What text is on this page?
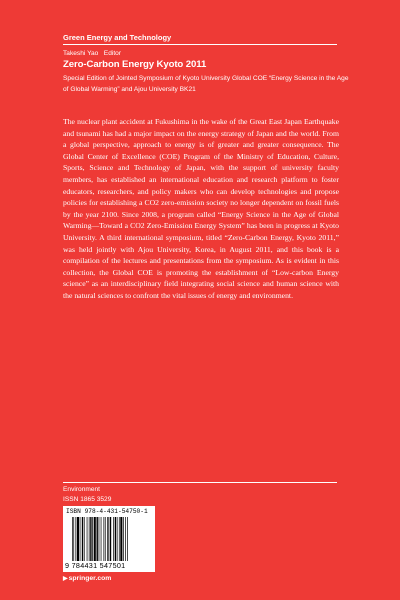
Green Energy and Technology
Takeshi Yao   Editor
Zero-Carbon Energy Kyoto 2011
Special Edition of Jointed Symposium of Kyoto University Global COE “Energy Science in the Age of Global Warming” and Ajou University BK21
The nuclear plant accident at Fukushima in the wake of the Great East Japan Earthquake and tsunami has had a major impact on the energy strategy of Japan and the world. From a global perspective, approach to energy is of greater and greater consequence. The Global Center of Excellence (COE) Program of the Ministry of Education, Culture, Sports, Science and Technology of Japan, with the support of university faculty members, has established an international education and research platform to foster educators, researchers, and policy makers who can develop technologies and propose policies for establishing a CO2 zero-emission society no longer dependent on fossil fuels by the year 2100. Since 2008, a program called “Energy Science in the Age of Global Warming—Toward a CO2 Zero-Emission Energy System” has been in progress at Kyoto University. A third international symposium, titled “Zero-Carbon Energy, Kyoto 2011,” was held jointly with Ajou University, Korea, in August 2011, and this book is a compilation of the lectures and presentations from the symposium. As is evident in this collection, the Global COE is promoting the establishment of “Low-carbon Energy science” as an interdisciplinary field integrating social science and human science with the natural sciences to confront the vital issues of energy and environment.
Environment
ISSN 1865 3529
ISBN 978-4-431-54750-1
9 784431 547501
▶springer.com
